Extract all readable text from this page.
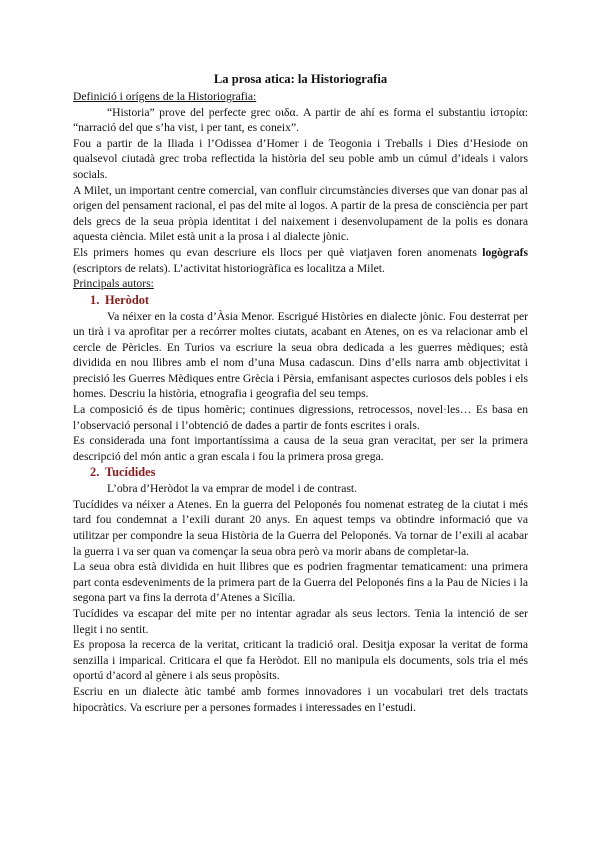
La prosa atica: la Historiografia

Definició i orígens de la Historiografia:

“Historia” prove del perfecte grec οιδα. A partir de ahí es forma el substantiu ἱστορία: “narració del que s’ha vist, i per tant, es coneix”.

Fou a partir de la Iliada i l’Odissea d’Homer i de Teogonia i Treballs i Dies d’Hesiode on qualsevol ciutadà grec troba reflectida la història del seu poble amb un cúmul d’ideals i valors socials.

A Milet, un important centre comercial, van confluir circumstàncies diverses que van donar pas al origen del pensament racional, el pas del mite al logos. A partir de la presa de consciència per part dels grecs de la seua pròpia identitat i del naixement i desenvolupament de la polis es donara aquesta ciència. Milet està unit a la prosa i al dialecte jònic.

Els primers homes qu evan descriure els llocs per què viatjaven foren anomenats logògrafs (escriptors de relats). L’activitat historiogràfica es localitza a Milet.

Principals autors:

1. Heròdot

Va néixer en la costa d’Àsia Menor. Escrigué Històries en dialecte jònic. Fou desterrat per un tirà i va aprofitar per a recórrer moltes ciutats, acabant en Atenes, on es va relacionar amb el cercle de Pèricles. En Turios va escriure la seua obra dedicada a les guerres mèdiques; està dividida en nou llibres amb el nom d’una Musa cadascun. Dins d’ells narra amb objectivitat i precisió les Guerres Mèdiques entre Grècia i Pèrsia, emfanisant aspectes curiosos dels pobles i els homes. Descriu la història, etnografia i geografia del seu temps.

La composició és de tipus homèric; continues digressions, retrocessos, novel·les… Es basa en l’observació personal i l’obtenció de dades a partir de fonts escrites i orals.

Es considerada una font importantíssima a causa de la seua gran veracitat, per ser la primera descripció del món antic a gran escala i fou la primera prosa grega.

2. Tucídides

L’obra d’Heròdot la va emprar de model i de contrast.

Tucídides va néixer a Atenes. En la guerra del Peloponés fou nomenat estrateg de la ciutat i més tard fou condemnat a l’exili durant 20 anys. En aquest temps va obtindre informació que va utilitzar per compondre la seua Història de la Guerra del Peloponés. Va tornar de l’exili al acabar la guerra i va ser quan va començar la seua obra però va morir abans de completar-la.

La seua obra està dividida en huit llibres que es podrien fragmentar tematicament: una primera part conta esdeveniments de la primera part de la Guerra del Peloponés fins a la Pau de Nicies i la segona part va fins la derrota d’Atenes a Sicília.

Tucídides va escapar del mite per no intentar agradar als seus lectors. Tenia la intenció de ser llegit i no sentit.

Es proposa la recerca de la veritat, criticant la tradició oral. Desitja exposar la veritat de forma senzilla i imparical. Criticara el que fa Heròdot. Ell no manipula els documents, sols tria el més oportú d’acord al gènere i als seus propòsits.

Escriu en un dialecte àtic també amb formes innovadores i un vocabulari tret dels tractats hipocràtics. Va escriure per a persones formades i interessades en l’estudi.
